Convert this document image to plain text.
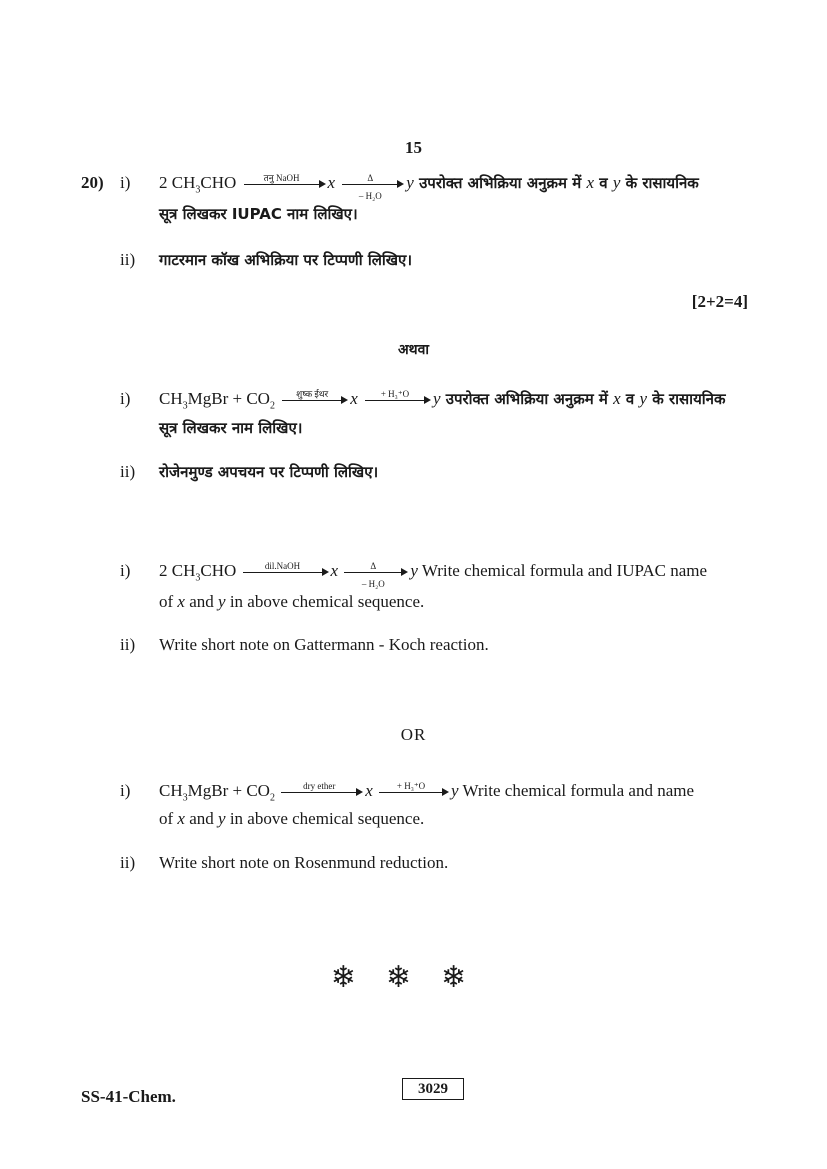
15
20) i) 2 $CH_3CHO$	तनु NaOH	x $\frac{\Delta}{\text{– H₂O}}$ y उपरोक्त अभिक्रिया अनुक्रम में x व y के रासायनिक
सूत्र लिखकर IUPAC नाम लिखिए।
ii) गाटरमान कॉख अभिक्रिया पर टिप्पणी लिखिए।
[2+2=4]
अथवा
i) $CH_3MgBr + CO_2$
शुष्क ईथर	x	+ H₃⁺O	y उपरोक्त अभिक्रिया अनुक्रम में x व y के रासायनिक
सूत्र लिखकर नाम लिखिए।
ii) रोजेनमुण्ड अपचयन पर टिप्पणी लिखिए।
i) 2 $CH_3CHO$	dil.NaOH	x $\frac{\Delta}{\text{– H₂O}}$ y Write chemical formula and IUPAC name
of x and y in above chemical sequence.
ii) Write short note on Gattermann - Koch reaction.
OR
i) $CH_3MgBr + CO_2$
dry ether	x	+ H₃⁺O	y Write chemical formula and name
of x and y in above chemical sequence.
ii) Write short note on Rosenmund reduction.
❄❄❄
SS-41-Chem.	3029
